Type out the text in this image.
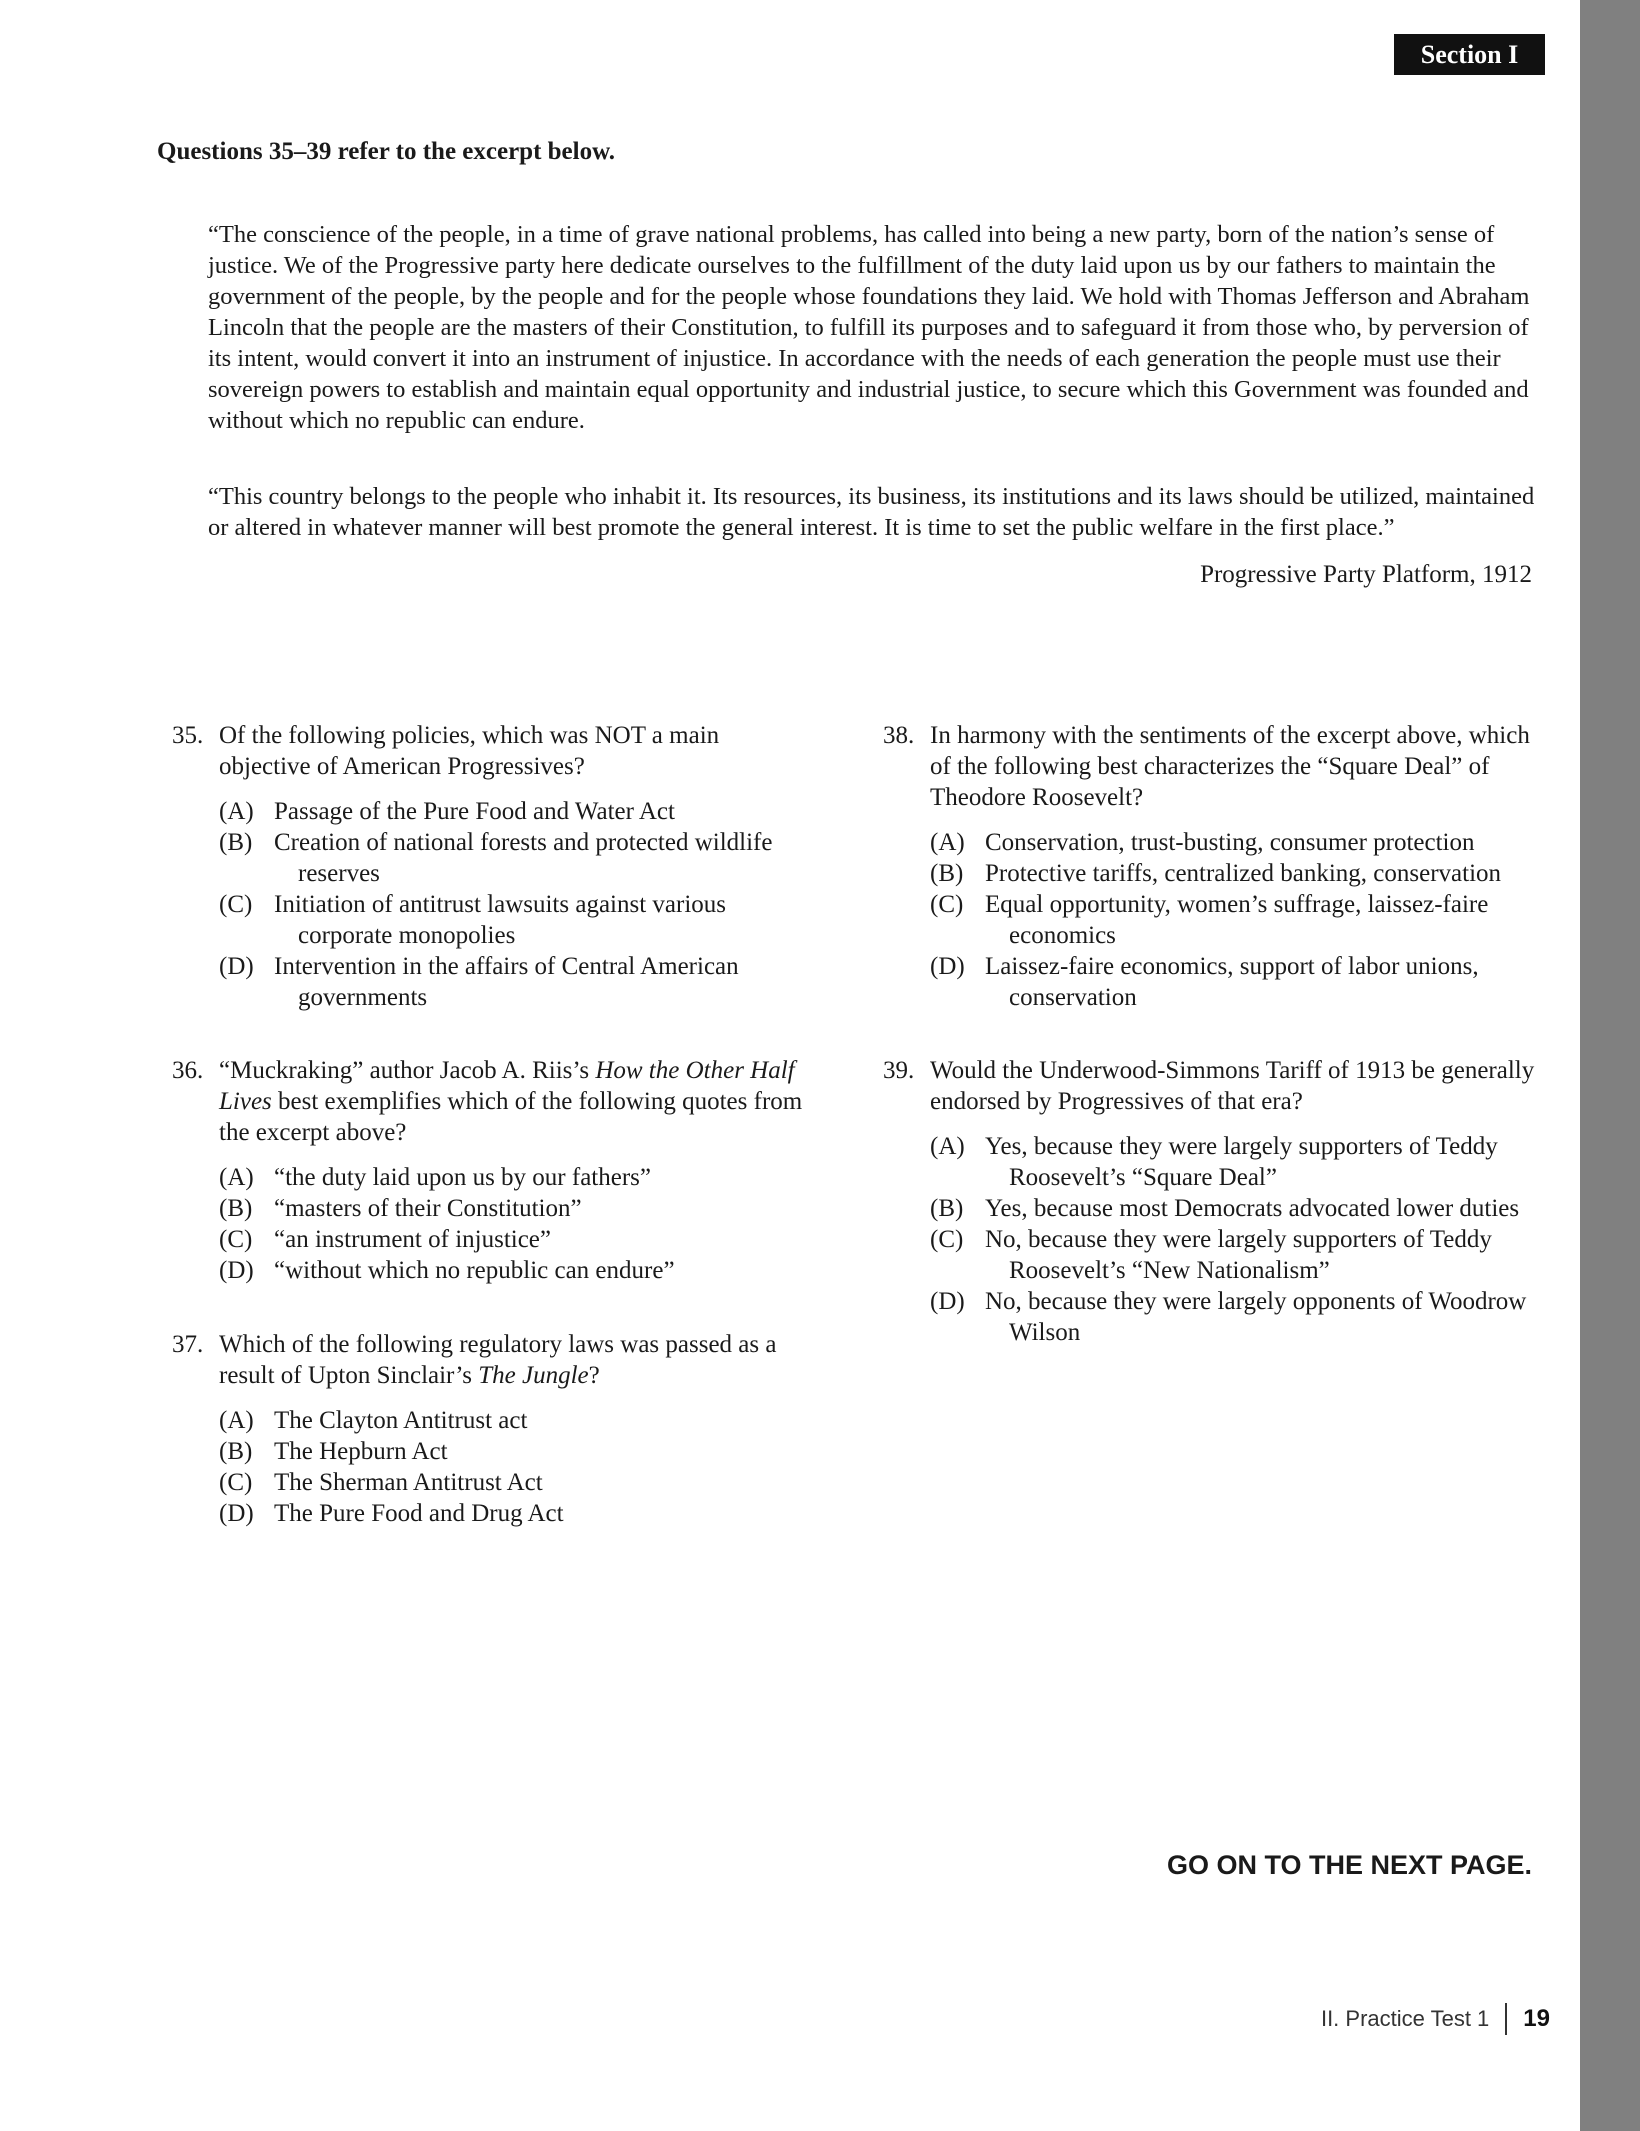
Section I
Questions 35–39 refer to the excerpt below.
“The conscience of the people, in a time of grave national problems, has called into being a new party, born of the nation’s sense of justice. We of the Progressive party here dedicate ourselves to the fulfillment of the duty laid upon us by our fathers to maintain the government of the people, by the people and for the people whose foundations they laid. We hold with Thomas Jefferson and Abraham Lincoln that the people are the masters of their Constitution, to fulfill its purposes and to safeguard it from those who, by perversion of its intent, would convert it into an instrument of injustice. In accordance with the needs of each generation the people must use their sovereign powers to establish and maintain equal opportunity and industrial justice, to secure which this Government was founded and without which no republic can endure.
“This country belongs to the people who inhabit it. Its resources, its business, its institutions and its laws should be utilized, maintained or altered in whatever manner will best promote the general interest. It is time to set the public welfare in the first place.”
Progressive Party Platform, 1912
35. Of the following policies, which was NOT a main objective of American Progressives?
(A) Passage of the Pure Food and Water Act
(B) Creation of national forests and protected wildlife reserves
(C) Initiation of antitrust lawsuits against various corporate monopolies
(D) Intervention in the affairs of Central American governments
36. “Muckraking” author Jacob A. Riis’s How the Other Half Lives best exemplifies which of the following quotes from the excerpt above?
(A) “the duty laid upon us by our fathers”
(B) “masters of their Constitution”
(C) “an instrument of injustice”
(D) “without which no republic can endure”
37. Which of the following regulatory laws was passed as a result of Upton Sinclair’s The Jungle?
(A) The Clayton Antitrust act
(B) The Hepburn Act
(C) The Sherman Antitrust Act
(D) The Pure Food and Drug Act
38. In harmony with the sentiments of the excerpt above, which of the following best characterizes the “Square Deal” of Theodore Roosevelt?
(A) Conservation, trust-busting, consumer protection
(B) Protective tariffs, centralized banking, conservation
(C) Equal opportunity, women’s suffrage, laissez-faire economics
(D) Laissez-faire economics, support of labor unions, conservation
39. Would the Underwood-Simmons Tariff of 1913 be generally endorsed by Progressives of that era?
(A) Yes, because they were largely supporters of Teddy Roosevelt’s “Square Deal”
(B) Yes, because most Democrats advocated lower duties
(C) No, because they were largely supporters of Teddy Roosevelt’s “New Nationalism”
(D) No, because they were largely opponents of Woodrow Wilson
GO ON TO THE NEXT PAGE.
II. Practice Test 1 19
